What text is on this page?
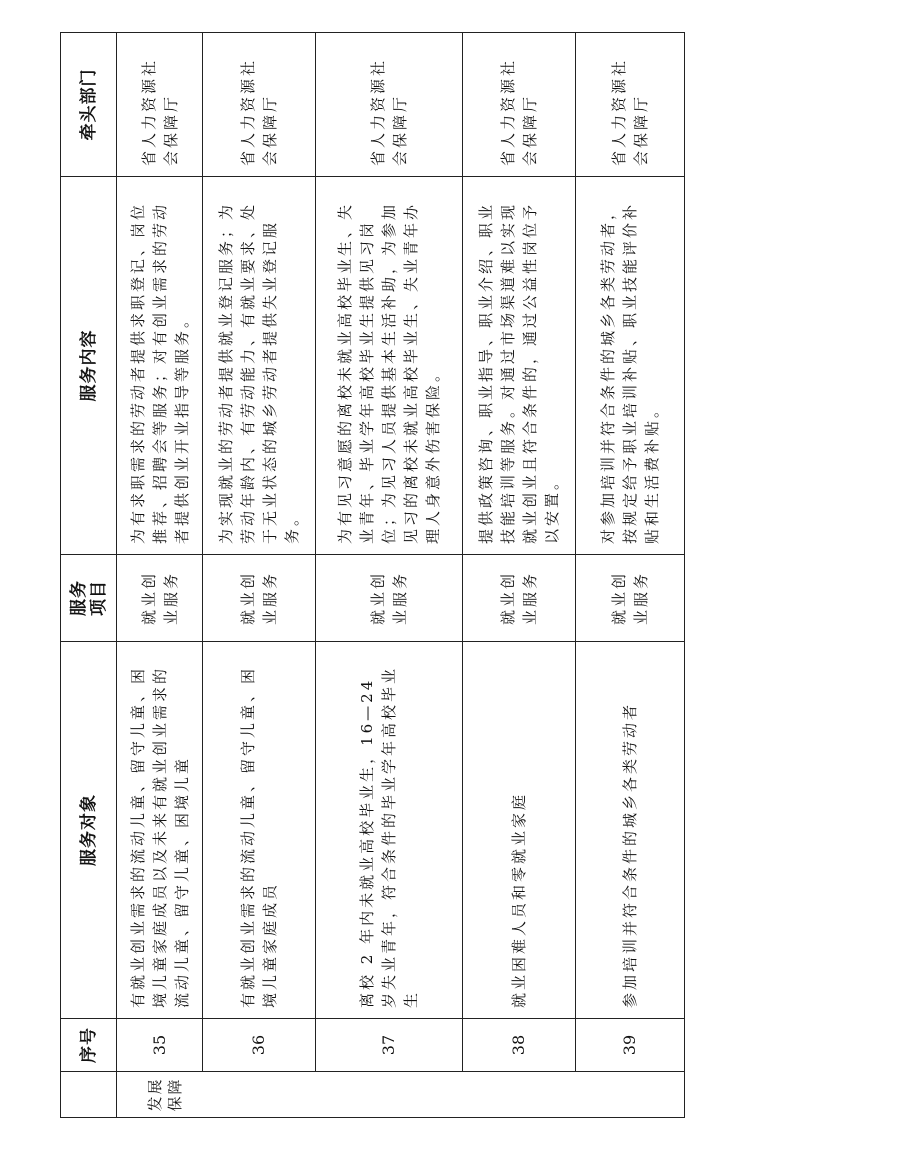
	序号	服务对象	服务项目	服务内容	牵头部门
发展保障	35	有就业创业需求的流动儿童、留守儿童、困境儿童家庭成员以及未来有就业创业需求的流动儿童、留守儿童、困境儿童	就业创业服务	为有求职需求的劳动者提供求职登记、岗位推荐、招聘会等服务；对有创业需求的劳动者提供创业开业指导等服务。	省人力资源社会保障厅
	36	有就业创业需求的流动儿童、留守儿童、困境儿童家庭成员	就业创业服务	为实现就业的劳动者提供就业登记服务；为劳动年龄内、有劳动能力、有就业要求、处于无业状态的城乡劳动者提供失业登记服务。	省人力资源社会保障厅
	37	离校 2 年内未就业高校毕业生，16—24 岁失业青年，符合条件的毕业学年高校毕业生	就业创业服务	为有见习意愿的离校未就业高校毕业生、失业青年、毕业学年高校毕业生提供见习岗位；为见习人员提供基本生活补助，为参加见习的离校未就业高校毕业生、失业青年办理人身意外伤害保险。	省人力资源社会保障厅
	38	就业困难人员和零就业家庭	就业创业服务	提供政策咨询、职业指导、职业介绍、职业技能培训等服务。对通过市场渠道难以实现就业创业且符合条件的，通过公益性岗位予以安置。	省人力资源社会保障厅
	39	参加培训并符合条件的城乡各类劳动者	就业创业服务	对参加培训并符合条件的城乡各类劳动者，按规定给予职业培训补贴、职业技能评价补贴和生活费补贴。	省人力资源社会保障厅
